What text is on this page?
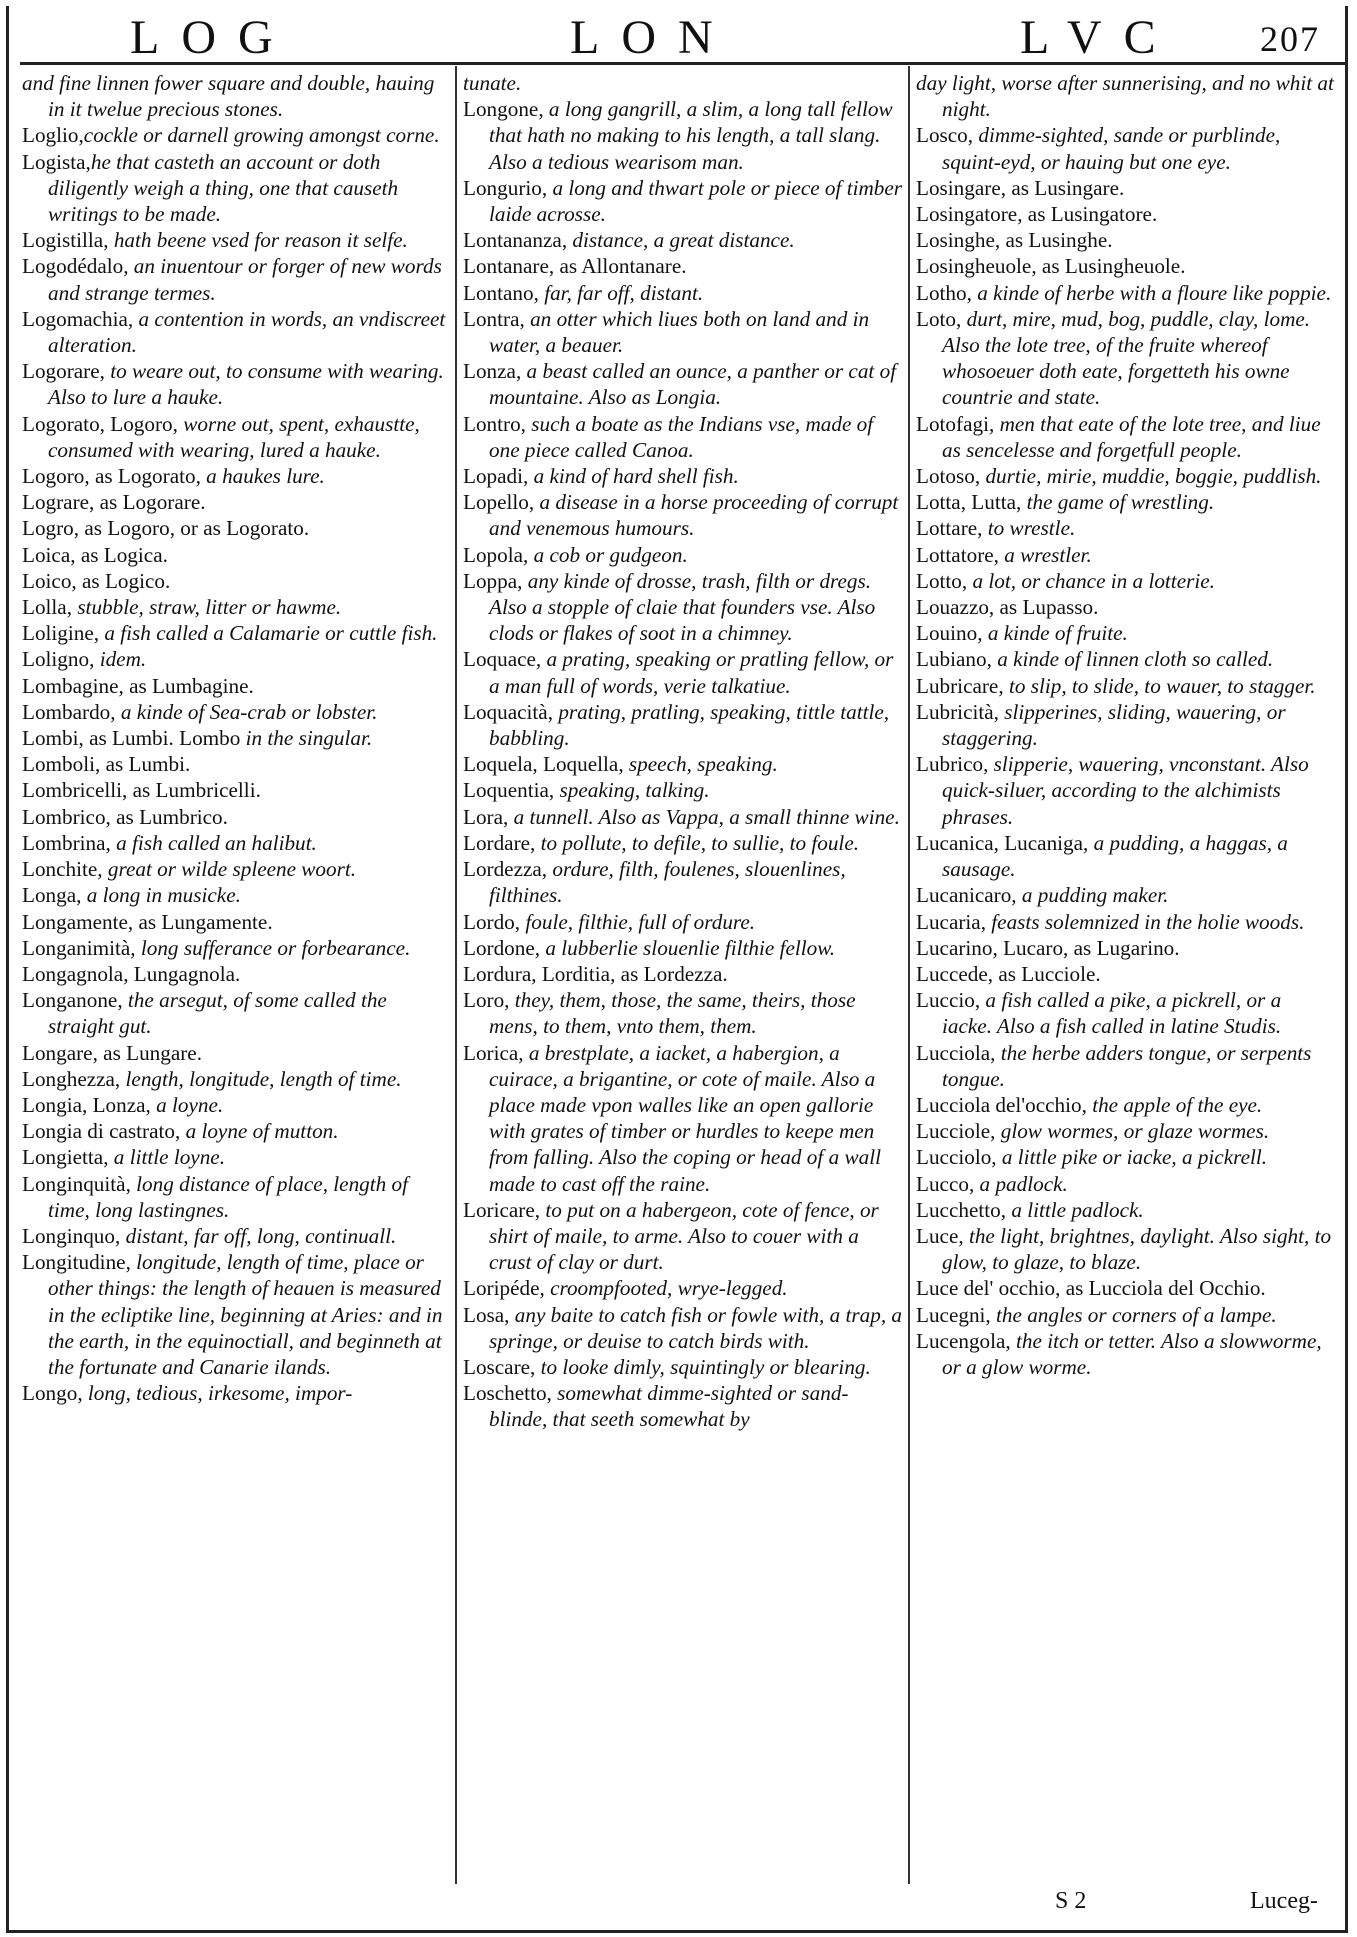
LOG	LON	LVC 207

and fine linnen fower square and double, hauing in it twelue precious stones.

Loglio,cockle or darnell growing amongst corne.

Logista,he that casteth an account or doth diligently weigh a thing, one that causeth writings to be made.

Logistilla, hath beene vsed for reason it selfe.

Logodédalo, an inuentour or forger of new words and strange termes.

Logomachia, a contention in words, an vndiscreet alteration.

Logorare, to weare out, to consume with wearing. Also to lure a hauke.

Logorato, Logoro, worne out, spent, exhaustte, consumed with wearing, lured a hauke.

Logoro, as Logorato, a haukes lure.

Lograre, as Logorare.

Logro, as Logoro, or as Logorato.

Loica, as Logica.

Loico, as Logico.

Lolla, stubble, straw, litter or hawme.

Loligine, a fish called a Calamarie or cuttle fish.

Loligno, idem.

Lombagine, as Lumbagine.

Lombardo, a kinde of Sea-crab or lobster.

Lombi, as Lumbi. Lombo in the singular.

Lomboli, as Lumbi.

Lombricelli, as Lumbricelli.

Lombrico, as Lumbrico.

Lombrina, a fish called an halibut.

Lonchite, great or wilde spleene woort.

Longa, a long in musicke.

Longamente, as Lungamente.

Longanimità, long sufferance or forbearance.

Longagnola, Lungagnola.

Longanone, the arsegut, of some called the straight gut.

Longare, as Lungare.

Longhezza, length, longitude, length of time.

Longia, Lonza, a loyne.

Longia di castrato, a loyne of mutton.

Longietta, a little loyne.

Longinquità, long distance of place, length of time, long lastingnes.

Longinquo, distant, far off, long, continuall.

Longitudine, longitude, length of time, place or other things: the length of heauen is measured in the ecliptike line, beginning at Aries: and in the earth, in the equinoctiall, and beginneth at the fortunate and Canarie ilands.

Longo, long, tedious, irkesome, impor-

tunate.

Longone, a long gangrill, a slim, a long tall fellow that hath no making to his length, a tall slang. Also a tedious wearisom man.

Longurio, a long and thwart pole or piece of timber laide acrosse.

Lontananza, distance, a great distance.

Lontanare, as Allontanare.

Lontano, far, far off, distant.

Lontra, an otter which liues both on land and in water, a beauer.

Lonza, a beast called an ounce, a panther or cat of mountaine. Also as Longia.

Lontro, such a boate as the Indians vse, made of one piece called Canoa.

Lopadi, a kind of hard shell fish.

Lopello, a disease in a horse proceeding of corrupt and venemous humours.

Lopola, a cob or gudgeon.

Loppa, any kinde of drosse, trash, filth or dregs. Also a stopple of claie that founders vse. Also clods or flakes of soot in a chimney.

Loquace, a prating, speaking or pratling fellow, or a man full of words, verie talkatiue.

Loquacità, prating, pratling, speaking, tittle tattle, babbling.

Loquela, Loquella, speech, speaking.

Loquentia, speaking, talking.

Lora, a tunnell. Also as Vappa, a small thinne wine.

Lordare, to pollute, to defile, to sullie, to foule.

Lordezza, ordure, filth, foulenes, slouenlines, filthines.

Lordo, foule, filthie, full of ordure.

Lordone, a lubberlie slouenlie filthie fellow.

Lordura, Lorditia, as Lordezza.

Loro, they, them, those, the same, theirs, those mens, to them, vnto them, them.

Lorica, a brestplate, a iacket, a habergion, a cuirace, a brigantine, or cote of maile. Also a place made vpon walles like an open gallorie with grates of timber or hurdles to keepe men from falling. Also the coping or head of a wall made to cast off the raine.

Loricare, to put on a habergeon, cote of fence, or shirt of maile, to arme. Also to couer with a crust of clay or durt.

Loripéde, croompfooted, wrye-legged.

Losa, any baite to catch fish or fowle with, a trap, a springe, or deuise to catch birds with.

Loscare, to looke dimly, squintingly or blearing.

Loschetto, somewhat dimme-sighted or sand-blinde, that seeth somewhat by

day light, worse after sunnerising, and no whit at night.

Losco, dimme-sighted, sande or purblinde, squint-eyd, or hauing but one eye.

Losingare, as Lusingare.

Losingatore, as Lusingatore.

Losinghe, as Lusinghe.

Losingheuole, as Lusingheuole.

Lotho, a kinde of herbe with a floure like poppie.

Loto, durt, mire, mud, bog, puddle, clay, lome. Also the lote tree, of the fruite whereof whosoeuer doth eate, forgetteth his owne countrie and state.

Lotofagi, men that eate of the lote tree, and liue as sencelesse and forgetfull people.

Lotoso, durtie, mirie, muddie, boggie, puddlish.

Lotta, Lutta, the game of wrestling.

Lottare, to wrestle.

Lottatore, a wrestler.

Lotto, a lot, or chance in a lotterie.

Louazzo, as Lupasso.

Louino, a kinde of fruite.

Lubiano, a kinde of linnen cloth so called.

Lubricare, to slip, to slide, to wauer, to stagger.

Lubricità, slipperines, sliding, wauering, or staggering.

Lubrico, slipperie, wauering, vnconstant. Also quick-siluer, according to the alchimists phrases.

Lucanica, Lucaniga, a pudding, a haggas, a sausage.

Lucanicaro, a pudding maker.

Lucaria, feasts solemnized in the holie woods.

Lucarino, Lucaro, as Lugarino.

Luccede, as Lucciole.

Luccio, a fish called a pike, a pickrell, or a iacke. Also a fish called in latine Studis.

Lucciola, the herbe adders tongue, or serpents tongue.

Lucciola del'occhio, the apple of the eye.

Lucciole, glow wormes, or glaze wormes.

Lucciolo, a little pike or iacke, a pickrell.

Lucco, a padlock.

Lucchetto, a little padlock.

Luce, the light, brightnes, daylight. Also sight, to glow, to glaze, to blaze.

Luce del' occhio, as Lucciola del Occhio.

Lucegni, the angles or corners of a lampe.

Lucengola, the itch or tetter. Also a slowworme, or a glow worme.

S 2	Luceg-
